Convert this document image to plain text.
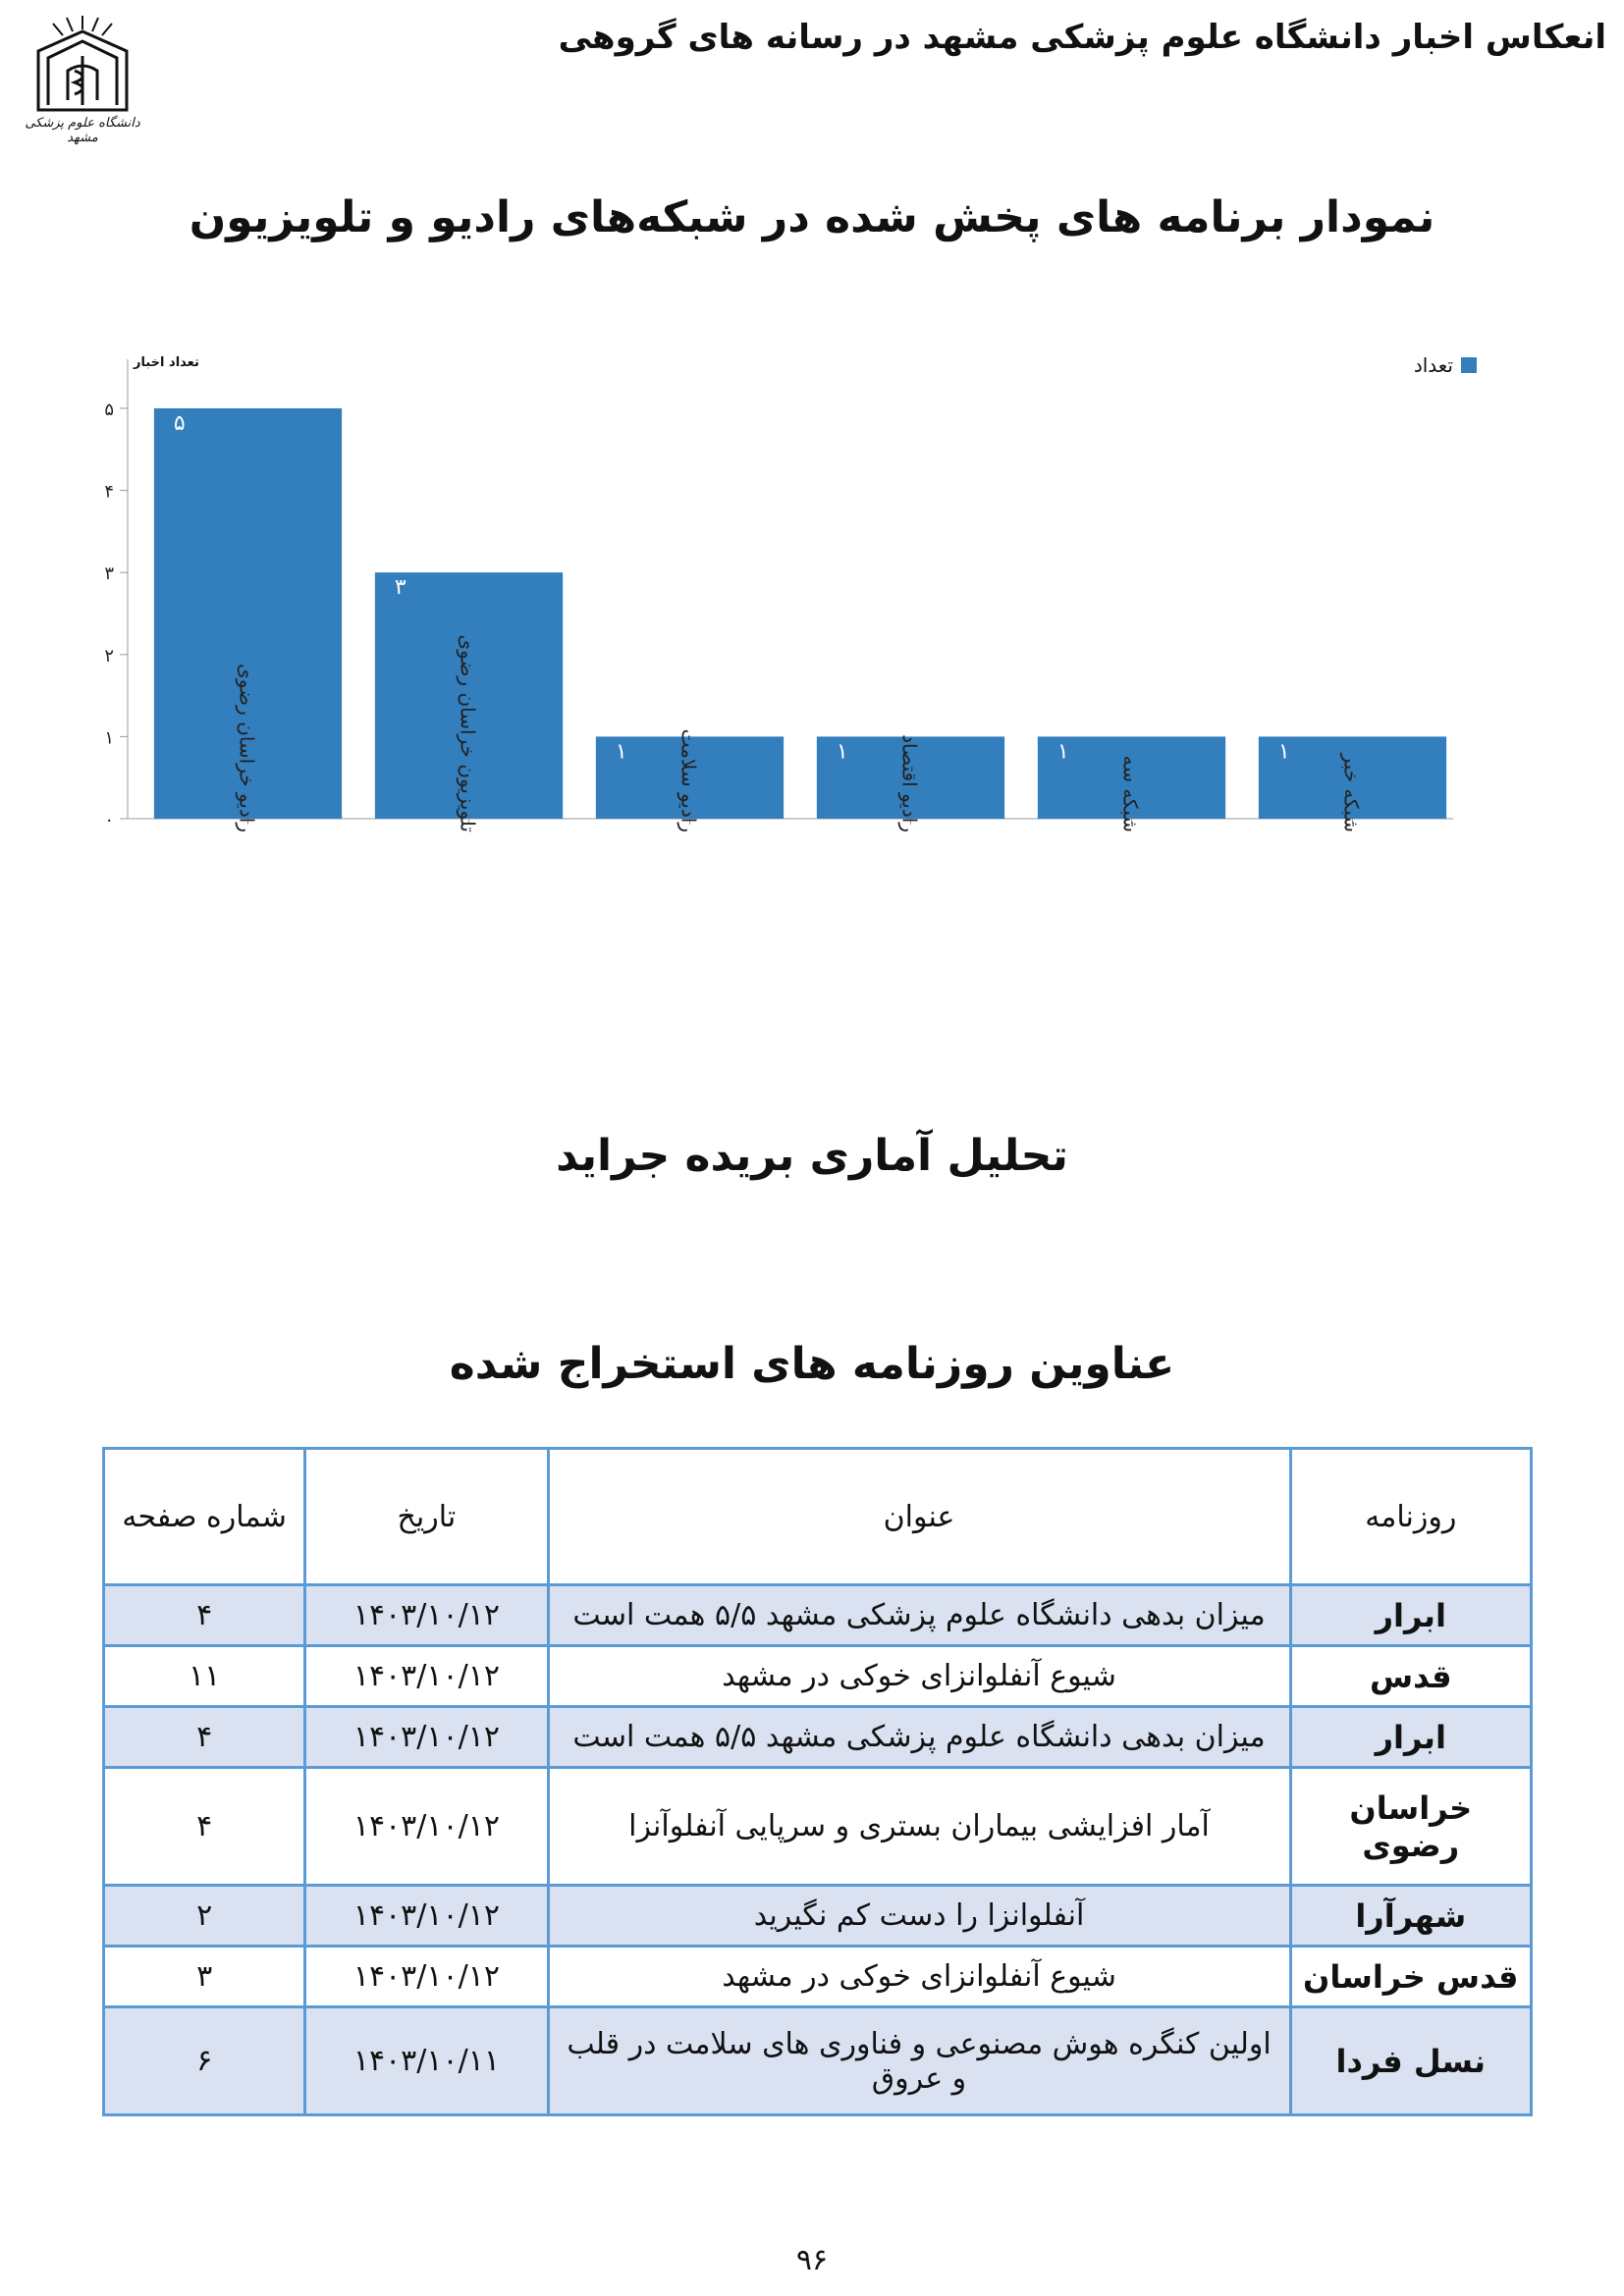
انعکاس اخبار دانشگاه علوم پزشکی مشهد در رسانه های گروهی
دانشگاه علوم پزشکی مشهد
نمودار برنامه های پخش شده در شبکه‌های رادیو و تلویزیون
تعداد
تعداد اخبار
۰
۱
۲
۳
۴
۵
۵
رادیو خراسان رضوی
۳
تلویزیون خراسان رضوی	۱	رادیو سلامت	۱	رادیو اقتصاد	۱
شبکه سه
۱
شبکه خبر
تحلیل آماری بریده جراید
عناوین روزنامه های استخراج شده
روزنامه	عنوان	تاریخ	شماره صفحه
ابرار	میزان بدهی دانشگاه علوم پزشکی مشهد ۵/۵ همت است	۱۴۰۳/۱۰/۱۲	۴
قدس	شیوع آنفلوانزای خوکی در مشهد	۱۴۰۳/۱۰/۱۲	۱۱
ابرار	میزان بدهی دانشگاه علوم پزشکی مشهد ۵/۵ همت است	۱۴۰۳/۱۰/۱۲	۴
خراسان رضوی	آمار افزایشی بیماران بستری و سرپایی آنفلوآنزا	۱۴۰۳/۱۰/۱۲	۴
شهرآرا	آنفلوانزا را دست کم نگیرید	۱۴۰۳/۱۰/۱۲	۲
قدس خراسان	شیوع آنفلوانزای خوکی در مشهد	۱۴۰۳/۱۰/۱۲	۳
نسل فردا	اولین کنگره هوش مصنوعی و فناوری های سلامت در قلب و عروق	۱۴۰۳/۱۰/۱۱	۶
۹۶
